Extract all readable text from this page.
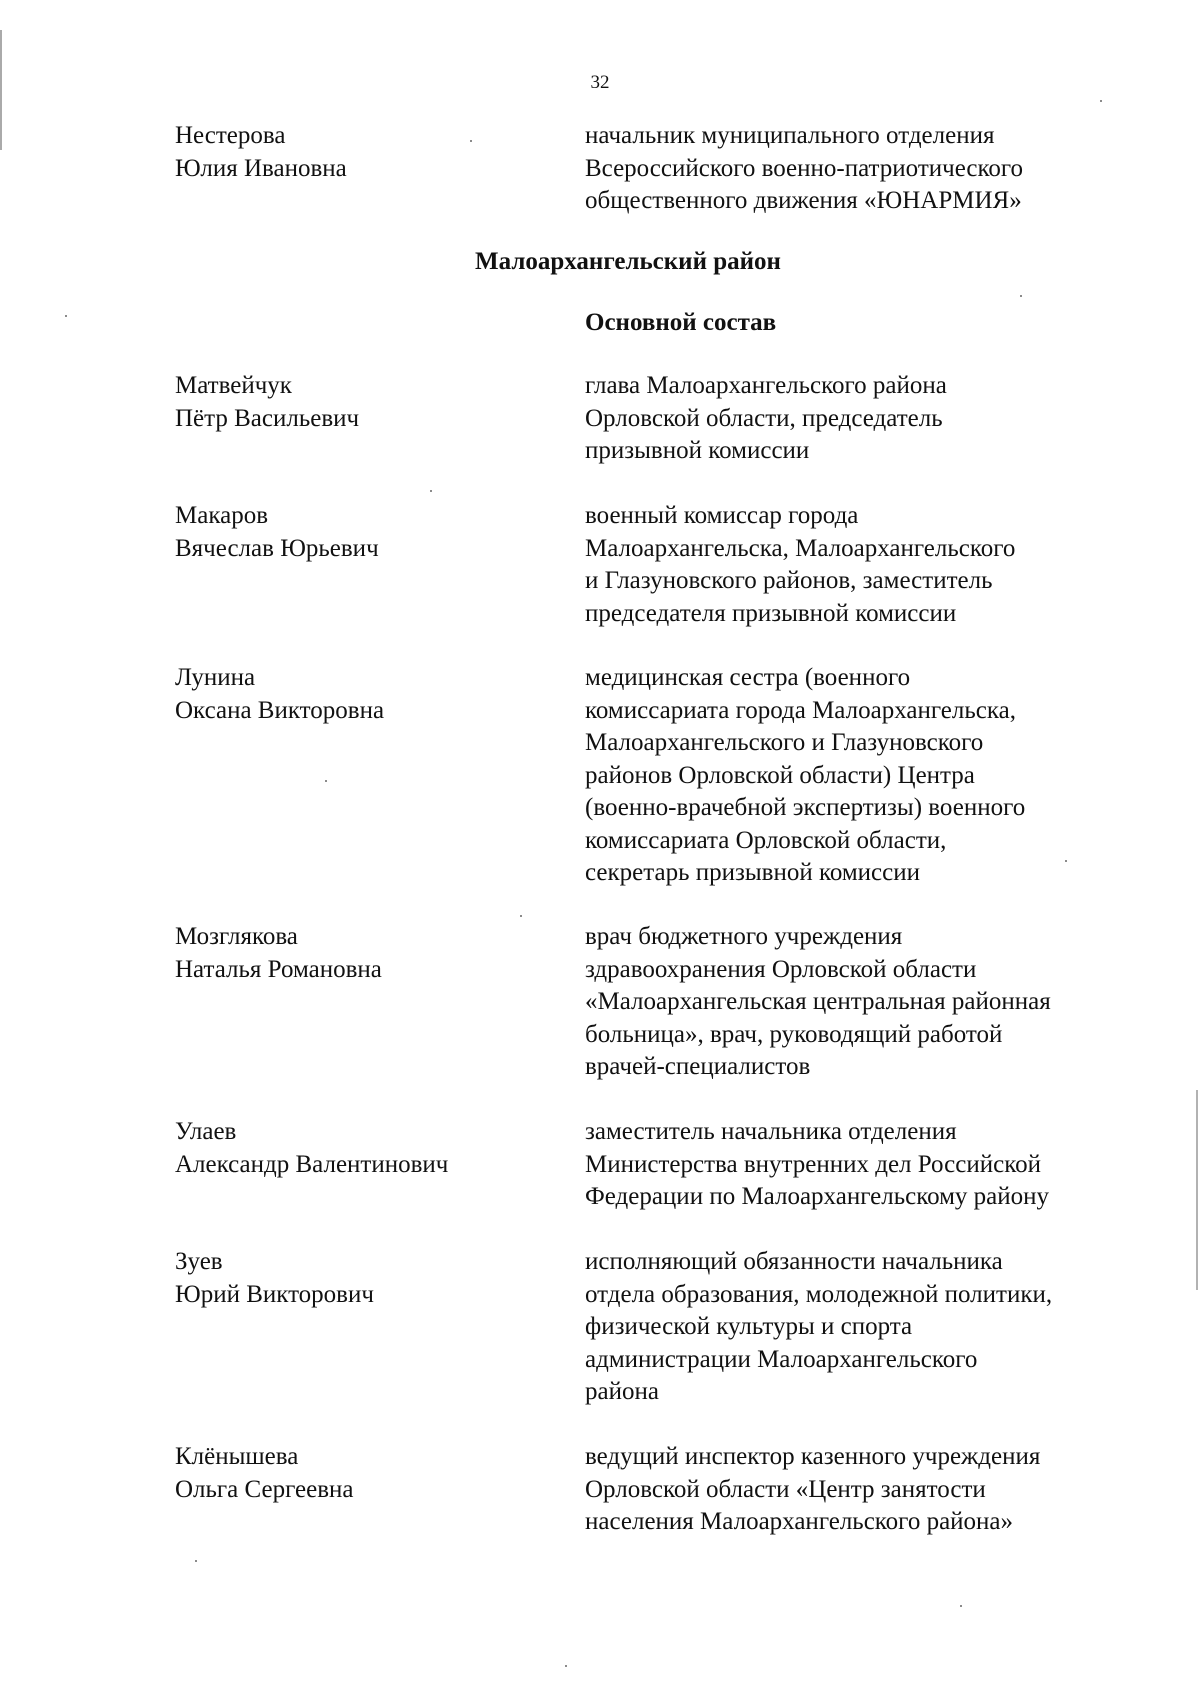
32
Нестерова
Юлия Ивановна
начальник муниципального отделения
Всероссийского военно-патриотического
общественного движения «ЮНАРМИЯ»
Малоархангельский район
Основной состав
Матвейчук
Пётр Васильевич
глава Малоархангельского района
Орловской области, председатель
призывной комиссии
Макаров
Вячеслав Юрьевич
военный комиссар города
Малоархангельска, Малоархангельского
и Глазуновского районов, заместитель
председателя призывной комиссии
Лунина
Оксана Викторовна
медицинская сестра (военного
комиссариата города Малоархангельска,
Малоархангельского и Глазуновского
районов Орловской области) Центра
(военно-врачебной экспертизы) военного
комиссариата Орловской области,
секретарь призывной комиссии
Мозглякова
Наталья Романовна
врач бюджетного учреждения
здравоохранения Орловской области
«Малоархангельская центральная районная
больница», врач, руководящий работой
врачей-специалистов
Улаев
Александр Валентинович
заместитель начальника отделения
Министерства внутренних дел Российской
Федерации по Малоархангельскому району
Зуев
Юрий Викторович
исполняющий обязанности начальника
отдела образования, молодежной политики,
физической культуры и спорта
администрации Малоархангельского
района
Клёнышева
Ольга Сергеевна
ведущий инспектор казенного учреждения
Орловской области «Центр занятости
населения Малоархангельского района»
